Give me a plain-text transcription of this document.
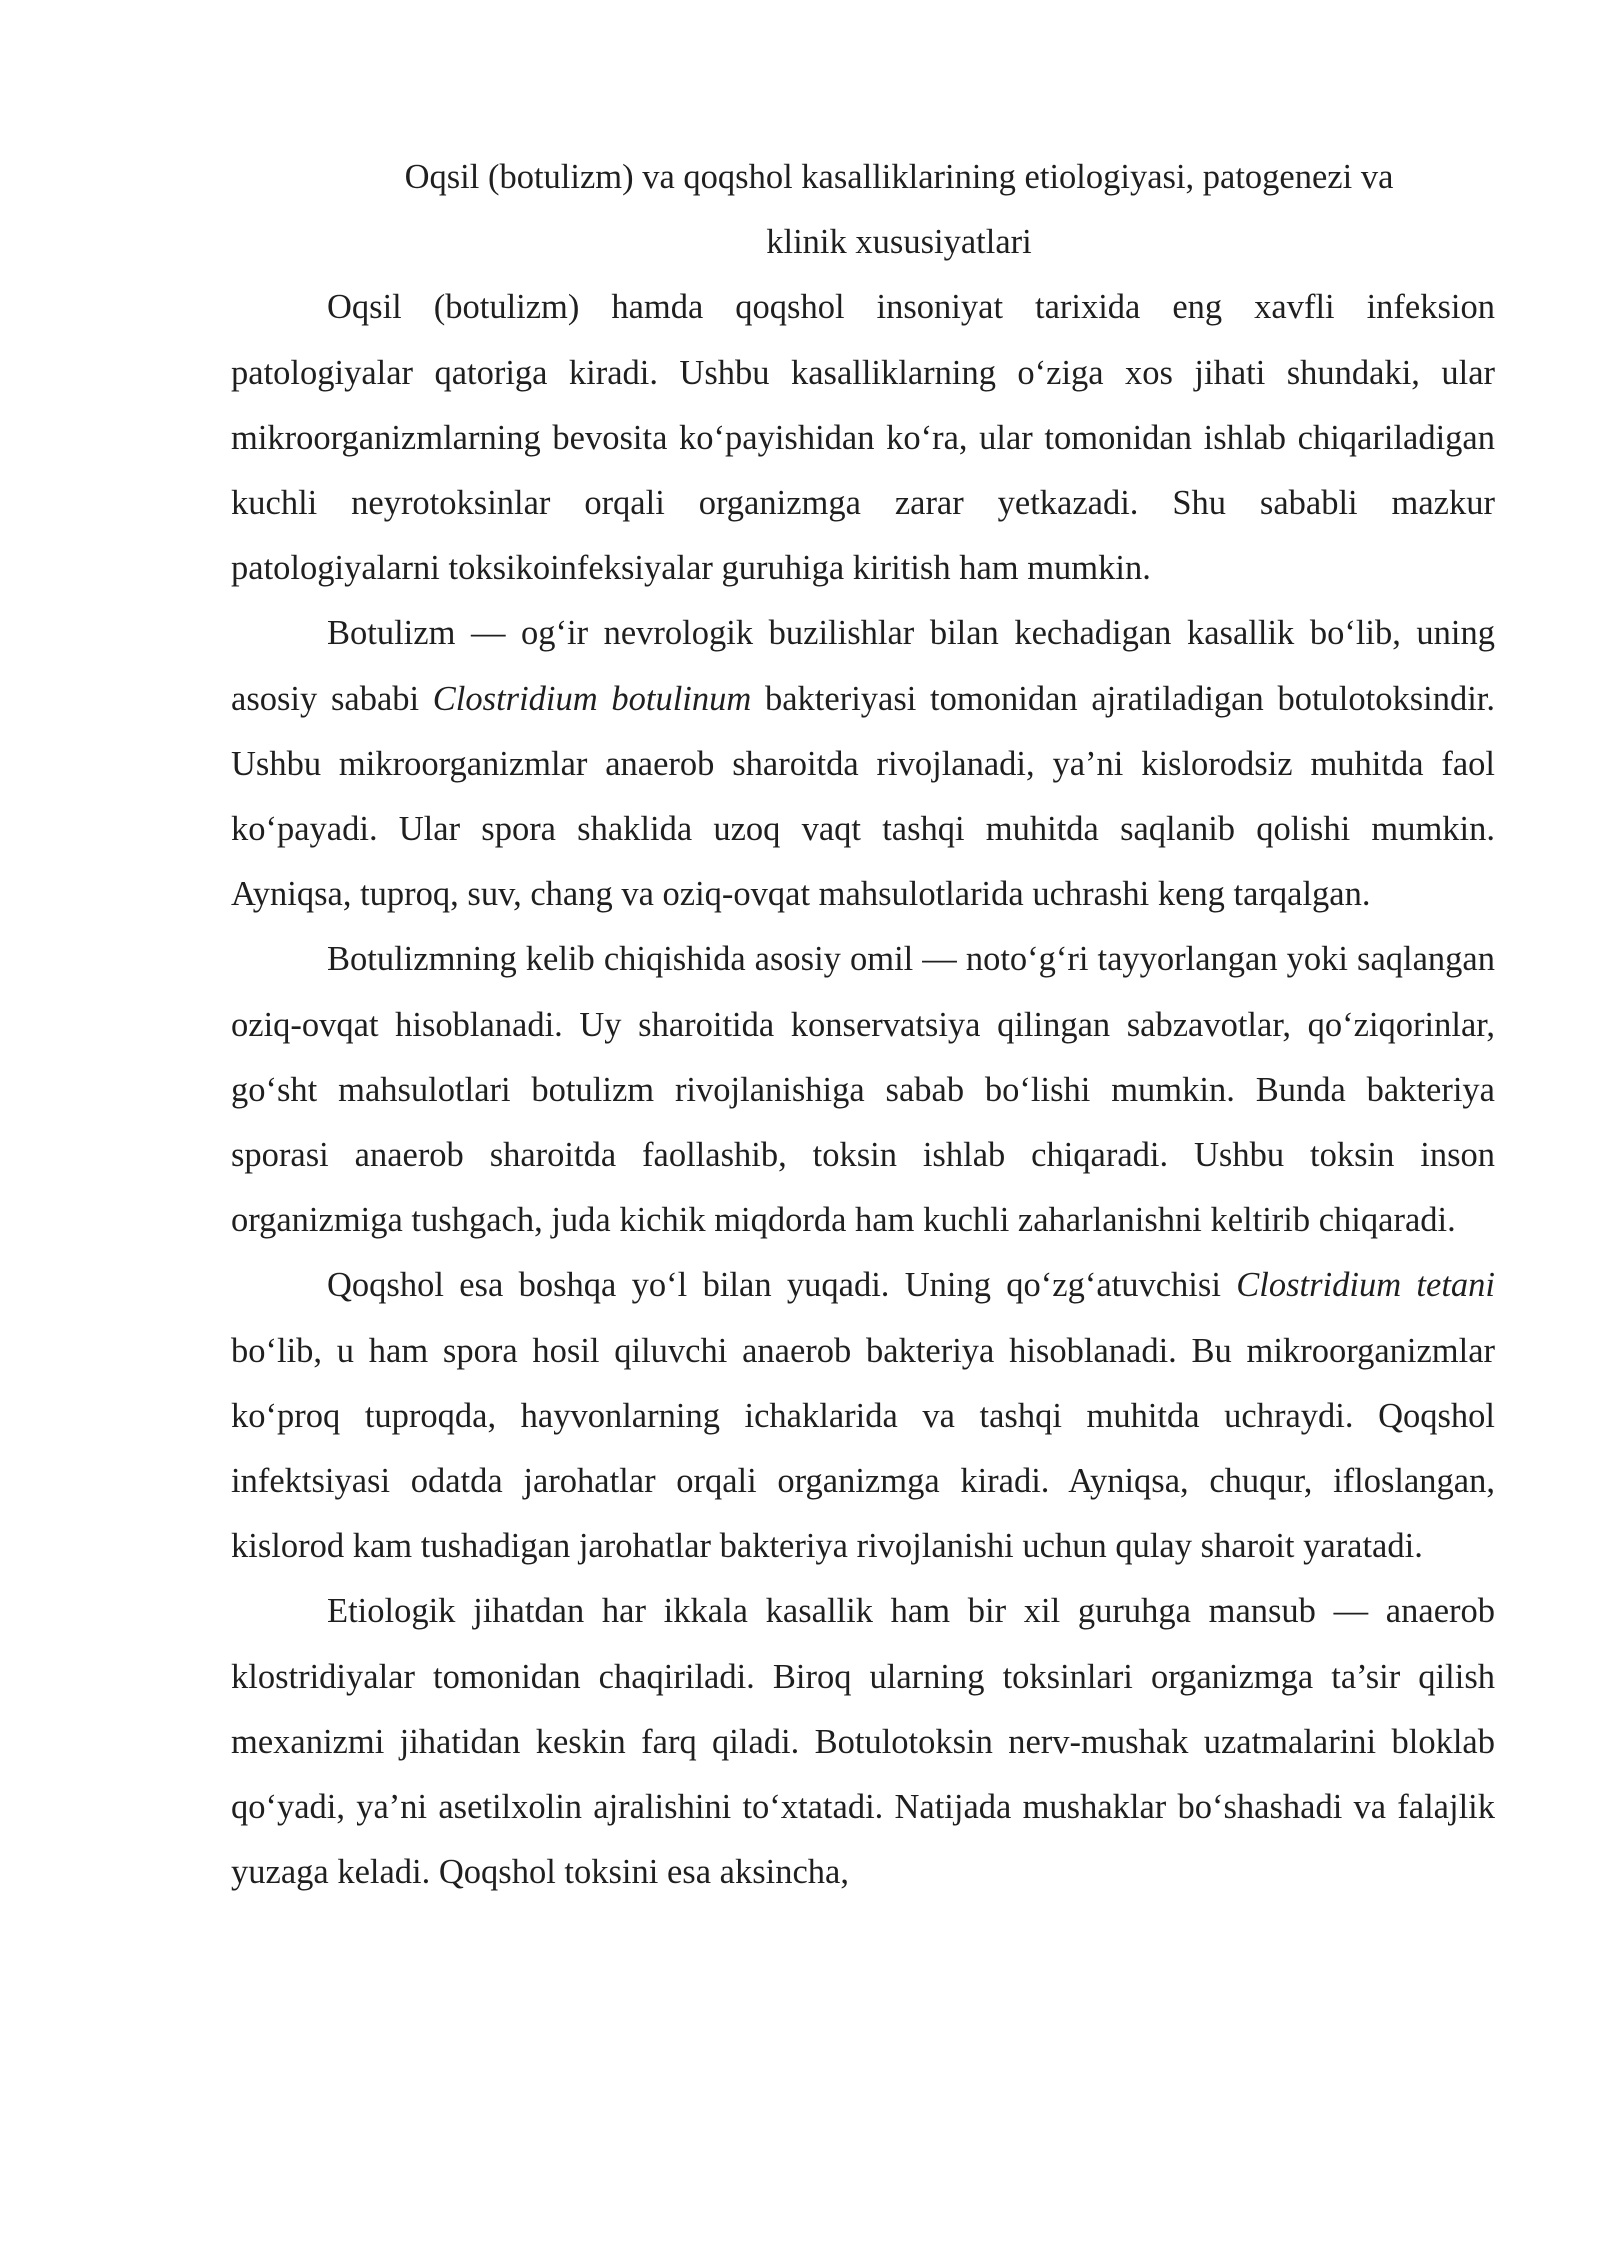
Oqsil (botulizm) va qoqshol kasalliklarining etiologiyasi, patogenezi va
klinik xususiyatlari

Oqsil (botulizm) hamda qoqshol insoniyat tarixida eng xavfli infeksion patologiyalar qatoriga kiradi. Ushbu kasalliklarning o‘ziga xos jihati shundaki, ular mikroorganizmlarning bevosita ko‘payishidan ko‘ra, ular tomonidan ishlab chiqariladigan kuchli neyrotoksinlar orqali organizmga zarar yetkazadi. Shu sababli mazkur patologiyalarni toksikoinfeksiyalar guruhiga kiritish ham mumkin.

Botulizm — og‘ir nevrologik buzilishlar bilan kechadigan kasallik bo‘lib, uning asosiy sababi Clostridium botulinum bakteriyasi tomonidan ajratiladigan botulotoksindir. Ushbu mikroorganizmlar anaerob sharoitda rivojlanadi, ya’ni kislorodsiz muhitda faol ko‘payadi. Ular spora shaklida uzoq vaqt tashqi muhitda saqlanib qolishi mumkin. Ayniqsa, tuproq, suv, chang va oziq-ovqat mahsulotlarida uchrashi keng tarqalgan.

Botulizmning kelib chiqishida asosiy omil — noto‘g‘ri tayyorlangan yoki saqlangan oziq-ovqat hisoblanadi. Uy sharoitida konservatsiya qilingan sabzavotlar, qo‘ziqorinlar, go‘sht mahsulotlari botulizm rivojlanishiga sabab bo‘lishi mumkin. Bunda bakteriya sporasi anaerob sharoitda faollashib, toksin ishlab chiqaradi. Ushbu toksin inson organizmiga tushgach, juda kichik miqdorda ham kuchli zaharlanishni keltirib chiqaradi.

Qoqshol esa boshqa yo‘l bilan yuqadi. Uning qo‘zg‘atuvchisi Clostridium tetani bo‘lib, u ham spora hosil qiluvchi anaerob bakteriya hisoblanadi. Bu mikroorganizmlar ko‘proq tuproqda, hayvonlarning ichaklarida va tashqi muhitda uchraydi. Qoqshol infektsiyasi odatda jarohatlar orqali organizmga kiradi. Ayniqsa, chuqur, ifloslangan, kislorod kam tushadigan jarohatlar bakteriya rivojlanishi uchun qulay sharoit yaratadi.

Etiologik jihatdan har ikkala kasallik ham bir xil guruhga mansub — anaerob klostridiyalar tomonidan chaqiriladi. Biroq ularning toksinlari organizmga ta’sir qilish mexanizmi jihatidan keskin farq qiladi. Botulotoksin nerv-mushak uzatmalarini bloklab qo‘yadi, ya’ni asetilxolin ajralishini to‘xtatadi. Natijada mushaklar bo‘shashadi va falajlik yuzaga keladi. Qoqshol toksini esa aksincha,
